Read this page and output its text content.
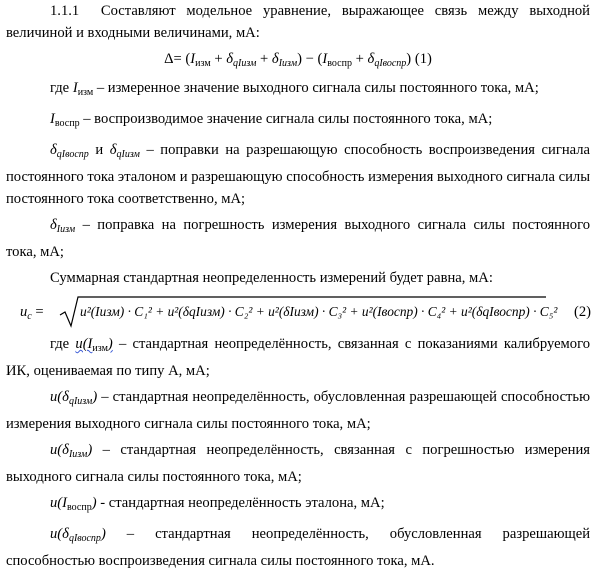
1.1.1 Составляют модельное уравнение, выражающее связь между выходной величиной и входными величинами, мА:

$\Delta= (I_{изм} + \delta_{qIизм} + \delta_{Iизм}) - (I_{воспр} + \delta_{qIвоспр})$ (1)

где $I_{изм}$ – измеренное значение выходного сигнала силы постоянного тока, мА;

$I_{воспр}$ – воспроизводимое значение сигнала силы постоянного тока, мА;

$\delta_{qIвоспр}$ и $\delta_{qIизм}$ – поправки на разрешающую способность воспроизведения сигнала постоянного тока эталоном и разрешающую способность измерения выходного сигнала силы постоянного тока соответственно, мА;

$\delta_{Iизм}$ – поправка на погрешность измерения выходного сигнала силы постоянного тока, мА;

Суммарная стандартная неопределенность измерений будет равна, мА:

$u_c$ =	u²(Iизм) · C₁² + u²(δqIизм) · C₂² + u²(δIизм) · C₃² + u²(Iвоспр) · C₄² + u²(δqIвоспр) · C₅² (2)

где $u(I_{изм})$ – стандартная неопределённость, связанная с показаниями калибруемого ИК, оцениваемая по типу А, мА;

$u(\delta_{qIизм})$ – стандартная неопределённость, обусловленная разрешающей способностью измерения выходного сигнала силы постоянного тока, мА;

$u(\delta_{Iизм})$ – стандартная неопределённость, связанная с погрешностью измерения выходного сигнала силы постоянного тока, мА;

$u(I_{воспр})$ - стандартная неопределённость эталона, мА;

$u(\delta_{qIвоспр})$ – стандартная неопределённость, обусловленная разрешающей способностью воспроизведения сигнала силы постоянного тока, мА.
